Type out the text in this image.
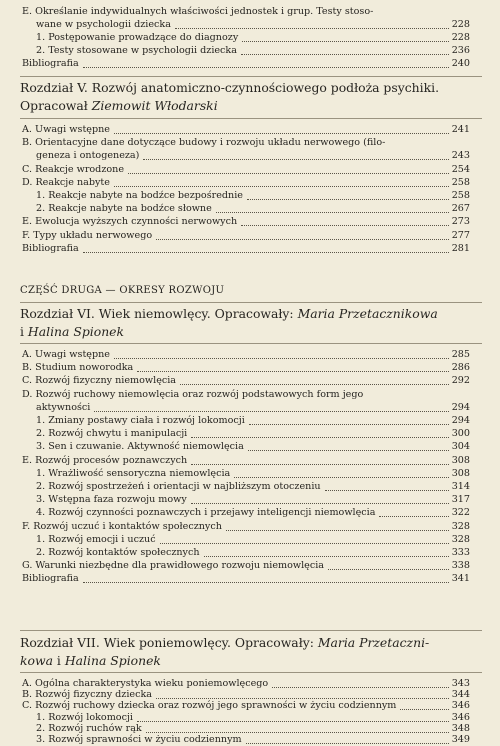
E. Określanie indywidualnych właściwości jednostek i grup. Testy stoso-
wane w psychologii dziecka	228
1. Postępowanie prowadzące do diagnozy	228
2. Testy stosowane w psychologii dziecka	236
Bibliografia	240
Rozdział V. Rozwój anatomiczno-czynnościowego podłoża psychiki.
Opracował Ziemowit Włodarski
A. Uwagi wstępne	241
B. Orientacyjne dane dotyczące budowy i rozwoju układu nerwowego (filo-
geneza i ontogeneza)	243
C. Reakcje wrodzone	254
D. Reakcje nabyte	258
1. Reakcje nabyte na bodźce bezpośrednie	258
2. Reakcje nabyte na bodźce słowne	267
E. Ewolucja wyższych czynności nerwowych	273
F. Typy układu nerwowego	277
Bibliografia	281
CZĘŚĆ DRUGA — OKRESY ROZWOJU
Rozdział VI. Wiek niemowlęcy. Opracowały: Maria Przetacznikowa
i Halina Spionek
A. Uwagi wstępne	285
B. Studium noworodka	286
C. Rozwój fizyczny niemowlęcia	292
D. Rozwój ruchowy niemowlęcia oraz rozwój podstawowych form jego
aktywności	294
1. Zmiany postawy ciała i rozwój lokomocji	294
2. Rozwój chwytu i manipulacji	300
3. Sen i czuwanie. Aktywność niemowlęcia	304
E. Rozwój procesów poznawczych	308
1. Wrażliwość sensoryczna niemowlęcia	308
2. Rozwój spostrzeżeń i orientacji w najbliższym otoczeniu	314
3. Wstępna faza rozwoju mowy	317
4. Rozwój czynności poznawczych i przejawy inteligencji niemowlęcia	322
F. Rozwój uczuć i kontaktów społecznych	328
1. Rozwój emocji i uczuć	328
2. Rozwój kontaktów społecznych	333
G. Warunki niezbędne dla prawidłowego rozwoju niemowlęcia	338
Bibliografia	341
Rozdział VII. Wiek poniemowlęcy. Opracowały: Maria Przetaczni-
kowa i Halina Spionek
A. Ogólna charakterystyka wieku poniemowlęcego	343
B. Rozwój fizyczny dziecka	344
C. Rozwój ruchowy dziecka oraz rozwój jego sprawności w życiu codziennym	346
1. Rozwój lokomocji	346
2. Rozwój ruchów rąk	348
3. Rozwój sprawności w życiu codziennym	349
